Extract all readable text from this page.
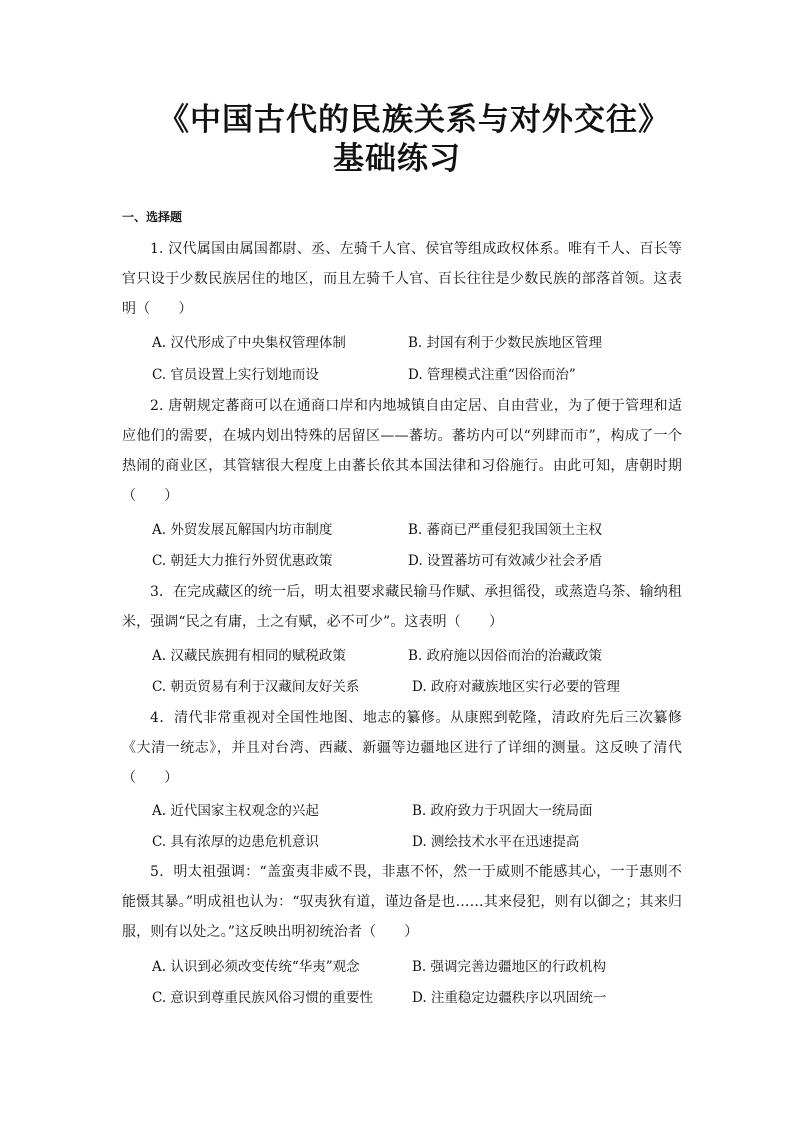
《中国古代的民族关系与对外交往》
基础练习
一、选择题
1. 汉代属国由属国都尉、丞、左骑千人官、侯官等组成政权体系。唯有千人、百长等官只设于少数民族居住的地区，而且左骑千人官、百长往往是少数民族的部落首领。这表明（　　）
A. 汉代形成了中央集权管理体制	B. 封国有利于少数民族地区管理
C. 官员设置上实行划地而设	D. 管理模式注重“因俗而治”
2. 唐朝规定蕃商可以在通商口岸和内地城镇自由定居、自由营业，为了便于管理和适应他们的需要，在城内划出特殊的居留区——蕃坊。蕃坊内可以“列肆而市”，构成了一个热闹的商业区，其管辖很大程度上由蕃长依其本国法律和习俗施行。由此可知，唐朝时期（　　）
A. 外贸发展瓦解国内坊市制度	B. 蕃商已严重侵犯我国领土主权
C. 朝廷大力推行外贸优惠政策	D. 设置蕃坊可有效减少社会矛盾
3．在完成藏区的统一后，明太祖要求藏民输马作赋、承担徭役，或蒸造乌茶、输纳租米，强调“民之有庸，土之有赋，必不可少”。这表明（　　）
A. 汉藏民族拥有相同的赋税政策	B. 政府施以因俗而治的治藏政策
C. 朝贡贸易有利于汉藏间友好关系	D. 政府对藏族地区实行必要的管理
4．清代非常重视对全国性地图、地志的纂修。从康熙到乾隆，清政府先后三次纂修《大清一统志》，并且对台湾、西藏、新疆等边疆地区进行了详细的测量。这反映了清代（　　）
A. 近代国家主权观念的兴起	B. 政府致力于巩固大一统局面
C. 具有浓厚的边患危机意识	D. 测绘技术水平在迅速提高
5．明太祖强调：“盖蛮夷非威不畏，非惠不怀，然一于威则不能感其心，一于惠则不能慑其暴。”明成祖也认为：“驭夷狄有道，谨边备是也……其来侵犯，则有以御之；其来归服，则有以处之。”这反映出明初统治者（　　）
A. 认识到必须改变传统“华夷”观念	B. 强调完善边疆地区的行政机构
C. 意识到尊重民族风俗习惯的重要性	D. 注重稳定边疆秩序以巩固统一
